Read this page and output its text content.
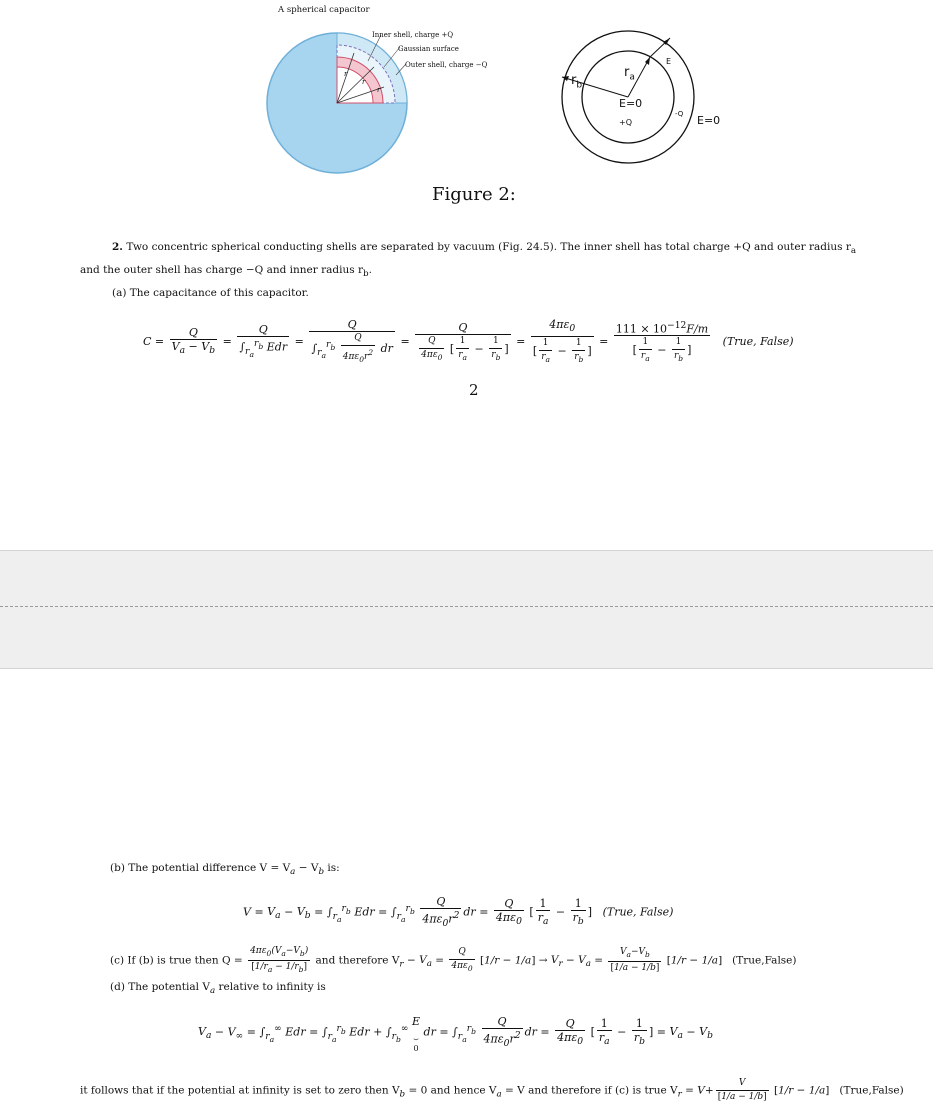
A spherical capacitor
Inner shell, charge +Q
Gaussian surface
Outer shell, charge −Q
r
r
r
$r_b$
$r_a$
E=0
+Q
-Q
E
E=0
Figure 2:
2. Two concentric spherical conducting shells are separated by vacuum (Fig. 24.5). The inner shell has total charge +Q and outer radius $r_a$
and the outer shell has charge −Q and inner radius $r_b$.
(a) The capacitance of this capacitor.
$C = \frac{Q}{V_a - V_b} = \frac{Q}{\int_{r_a}^{r_b} Edr} = \frac{Q}{\int_{r_a}^{r_b} \frac{Q}{4\pi\varepsilon_0r^2} dr} = \frac{Q}{\frac{Q}{4\pi\varepsilon_0} [ \frac{1}{r_a} - \frac{1}{r_b} ]} = \frac{4\pi\varepsilon_0}{[ \frac{1}{r_a} - \frac{1}{r_b} ]} = \frac{111 \times 10^{-12}F/m}{[ \frac{1}{r_a} - \frac{1}{r_b} ]}$ (True, False)
2
(b) The potential difference $V = V_a - V_b$ is:
$V = V_a - V_b = \int_{r_a}^{r_b}$ Edr = $\int_{r_a}^{r_b} \frac{Q}{4\pi\varepsilon_0r^2}$ dr = $\frac{Q}{4\pi\varepsilon_0}$ [ $\frac{1}{r_a} - \frac{1}{r_b}$ ]   (True, False)
(c) If (b) is true then $Q = \frac{4\pi\varepsilon_0(V_a-V_b)}{[1/r_a - 1/r_b]}$ and therefore $V_r - V_a = \frac{Q}{4\pi\varepsilon_0} [1/r - 1/a] \to V_r - V_a = \frac{V_a-V_b}{[1/a - 1/b]} [1/r - 1/a]$   (True,False)
(d) The potential $V_a$ relative to infinity is
$V_a - V_\infty = \int_{r_a}^\infty$ Edr = $\int_{r_a}^{r_b}$ Edr + $\int_{r_b}^\infty$ E
⏟
0 dr = $\int_{r_a}^{r_b} \frac{Q}{4\pi\varepsilon_0r^2}$ dr = $\frac{Q}{4\pi\varepsilon_0}$ [ $\frac{1}{r_a} - \frac{1}{r_b}$ ] = $V_a - V_b$
it follows that if the potential at infinity is set to zero then $V_b = 0$ and hence $V_a = V$ and therefore if (c) is true $V_r = V+ \frac{V}{[1/a - 1/b]} [1/r - 1/a]$   (True,False)
